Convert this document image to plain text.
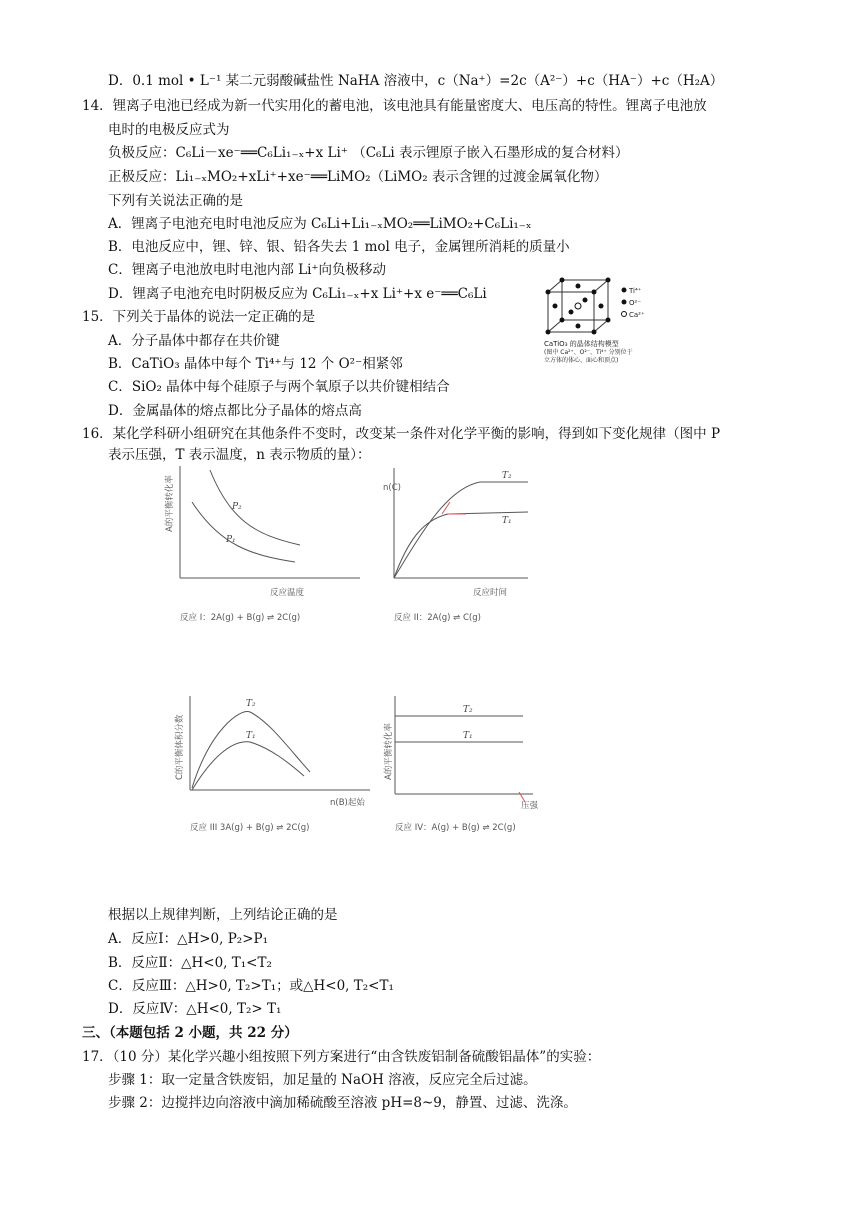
D．0.1 mol • L⁻¹ 某二元弱酸碱盐性 NaHA 溶液中，c（Na⁺）=2c（A²⁻）+c（HA⁻）+c（H₂A）
14．锂离子电池已经成为新一代实用化的蓄电池，该电池具有能量密度大、电压高的特性。锂离子电池放
电时的电极反应式为
负极反应：C₆Li－xe⁻══C₆Li₁₋ₓ+x Li⁺ （C₆Li 表示锂原子嵌入石墨形成的复合材料）
正极反应：Li₁₋ₓMO₂+xLi⁺+xe⁻══LiMO₂（LiMO₂ 表示含锂的过渡金属氧化物）
下列有关说法正确的是
A．锂离子电池充电时电池反应为 C₆Li+Li₁₋ₓMO₂══LiMO₂+C₆Li₁₋ₓ
B．电池反应中，锂、锌、银、铅各失去 1 mol 电子，金属锂所消耗的质量小
C．锂离子电池放电时电池内部 Li⁺向负极移动
D．锂离子电池充电时阴极反应为 C₆Li₁₋ₓ+x Li⁺+x e⁻══C₆Li
15．下列关于晶体的说法一定正确的是
A．分子晶体中都存在共价键
B．CaTiO₃ 晶体中每个 Ti⁴⁺与 12 个 O²⁻相紧邻
C．SiO₂ 晶体中每个硅原子与两个氧原子以共价键相结合
D．金属晶体的熔点都比分子晶体的熔点高
16．某化学科研小组研究在其他条件不变时，改变某一条件对化学平衡的影响，得到如下变化规律（图中 P
表示压强，T 表示温度，n 表示物质的量）：
Ti⁴⁺
O²⁻
Ca²⁺
CaTiO₃ 的晶体结构模型
(图中 Ca²⁺、O²⁻、Ti⁴⁺ 分别位于
立方体的体心、面心和顶点)
A的平衡转化率
反应温度
P₂
P₁
反应 I：2A(g) + B(g) ⇌ 2C(g)
n(C)
反应时间
T₂
T₁
反应 II：2A(g) ⇌ C(g)
C的平衡体积分数
n(B)起始
T₂
T₁
反应 III 3A(g) + B(g) ⇌ 2C(g)
A的平衡转化率
压强
T₂
T₁
反应 IV：A(g) + B(g) ⇌ 2C(g)
根据以上规律判断，上列结论正确的是
A．反应Ⅰ：△H>0, P₂>P₁
B．反应Ⅱ：△H<0, T₁<T₂
C．反应Ⅲ：△H>0, T₂>T₁；或△H<0, T₂<T₁
D．反应Ⅳ：△H<0, T₂> T₁
三、（本题包括 2 小题，共 22 分）
17．（10 分）某化学兴趣小组按照下列方案进行“由含铁废铝制备硫酸铝晶体”的实验：
步骤 1：取一定量含铁废铝，加足量的 NaOH 溶液，反应完全后过滤。
步骤 2：边搅拌边向溶液中滴加稀硫酸至溶液 pH=8~9，静置、过滤、洗涤。
